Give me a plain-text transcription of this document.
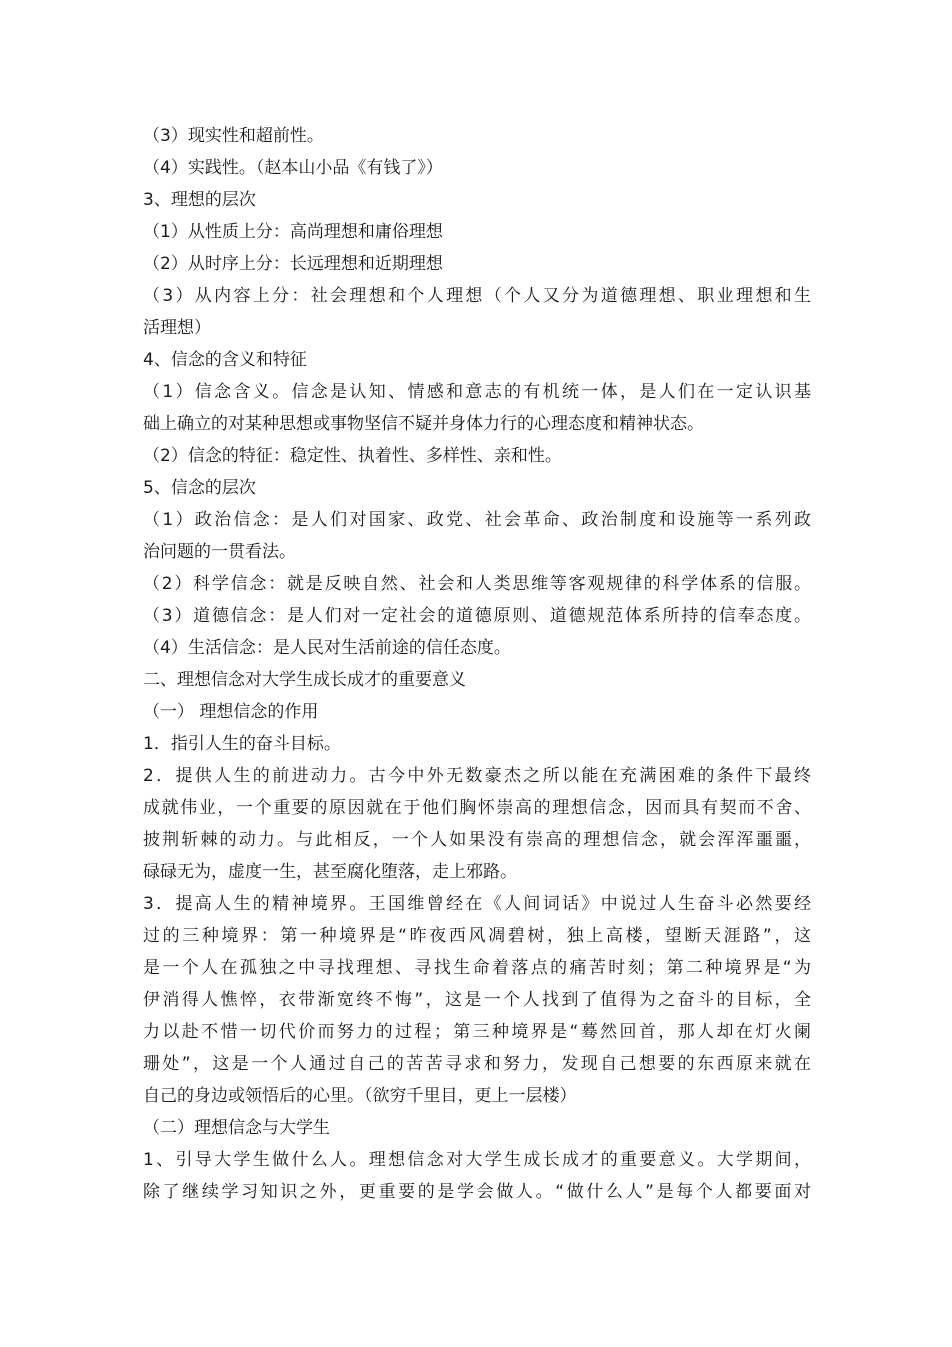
（3）现实性和超前性。
（4）实践性。（赵本山小品《有钱了》）
3、理想的层次
（1）从性质上分：高尚理想和庸俗理想
（2）从时序上分：长远理想和近期理想
（3）从内容上分：社会理想和个人理想（个人又分为道德理想、职业理想和生
活理想）
4、信念的含义和特征
（1）信念含义。信念是认知、情感和意志的有机统一体，是人们在一定认识基
础上确立的对某种思想或事物坚信不疑并身体力行的心理态度和精神状态。
（2）信念的特征：稳定性、执着性、多样性、亲和性。
5、信念的层次
（1）政治信念：是人们对国家、政党、社会革命、政治制度和设施等一系列政
治问题的一贯看法。
（2）科学信念：就是反映自然、社会和人类思维等客观规律的科学体系的信服。
（3）道德信念：是人们对一定社会的道德原则、道德规范体系所持的信奉态度。
（4）生活信念：是人民对生活前途的信任态度。
二、理想信念对大学生成长成才的重要意义
（一） 理想信念的作用
1．指引人生的奋斗目标。
2．提供人生的前进动力。古今中外无数豪杰之所以能在充满困难的条件下最终
成就伟业，一个重要的原因就在于他们胸怀崇高的理想信念，因而具有契而不舍、
披荆斩棘的动力。与此相反，一个人如果没有崇高的理想信念，就会浑浑噩噩，
碌碌无为，虚度一生，甚至腐化堕落，走上邪路。
3．提高人生的精神境界。王国维曾经在《人间词话》中说过人生奋斗必然要经
过的三种境界：第一种境界是“昨夜西风凋碧树，独上高楼，望断天涯路”，这
是一个人在孤独之中寻找理想、寻找生命着落点的痛苦时刻；第二种境界是“为
伊消得人憔悴，衣带渐宽终不悔”，这是一个人找到了值得为之奋斗的目标，全
力以赴不惜一切代价而努力的过程；第三种境界是“蓦然回首，那人却在灯火阑
珊处”，这是一个人通过自己的苦苦寻求和努力，发现自己想要的东西原来就在
自己的身边或领悟后的心里。（欲穷千里目，更上一层楼）
（二）理想信念与大学生
1、引导大学生做什么人。理想信念对大学生成长成才的重要意义。大学期间，
除了继续学习知识之外，更重要的是学会做人。“做什么人”是每个人都要面对
